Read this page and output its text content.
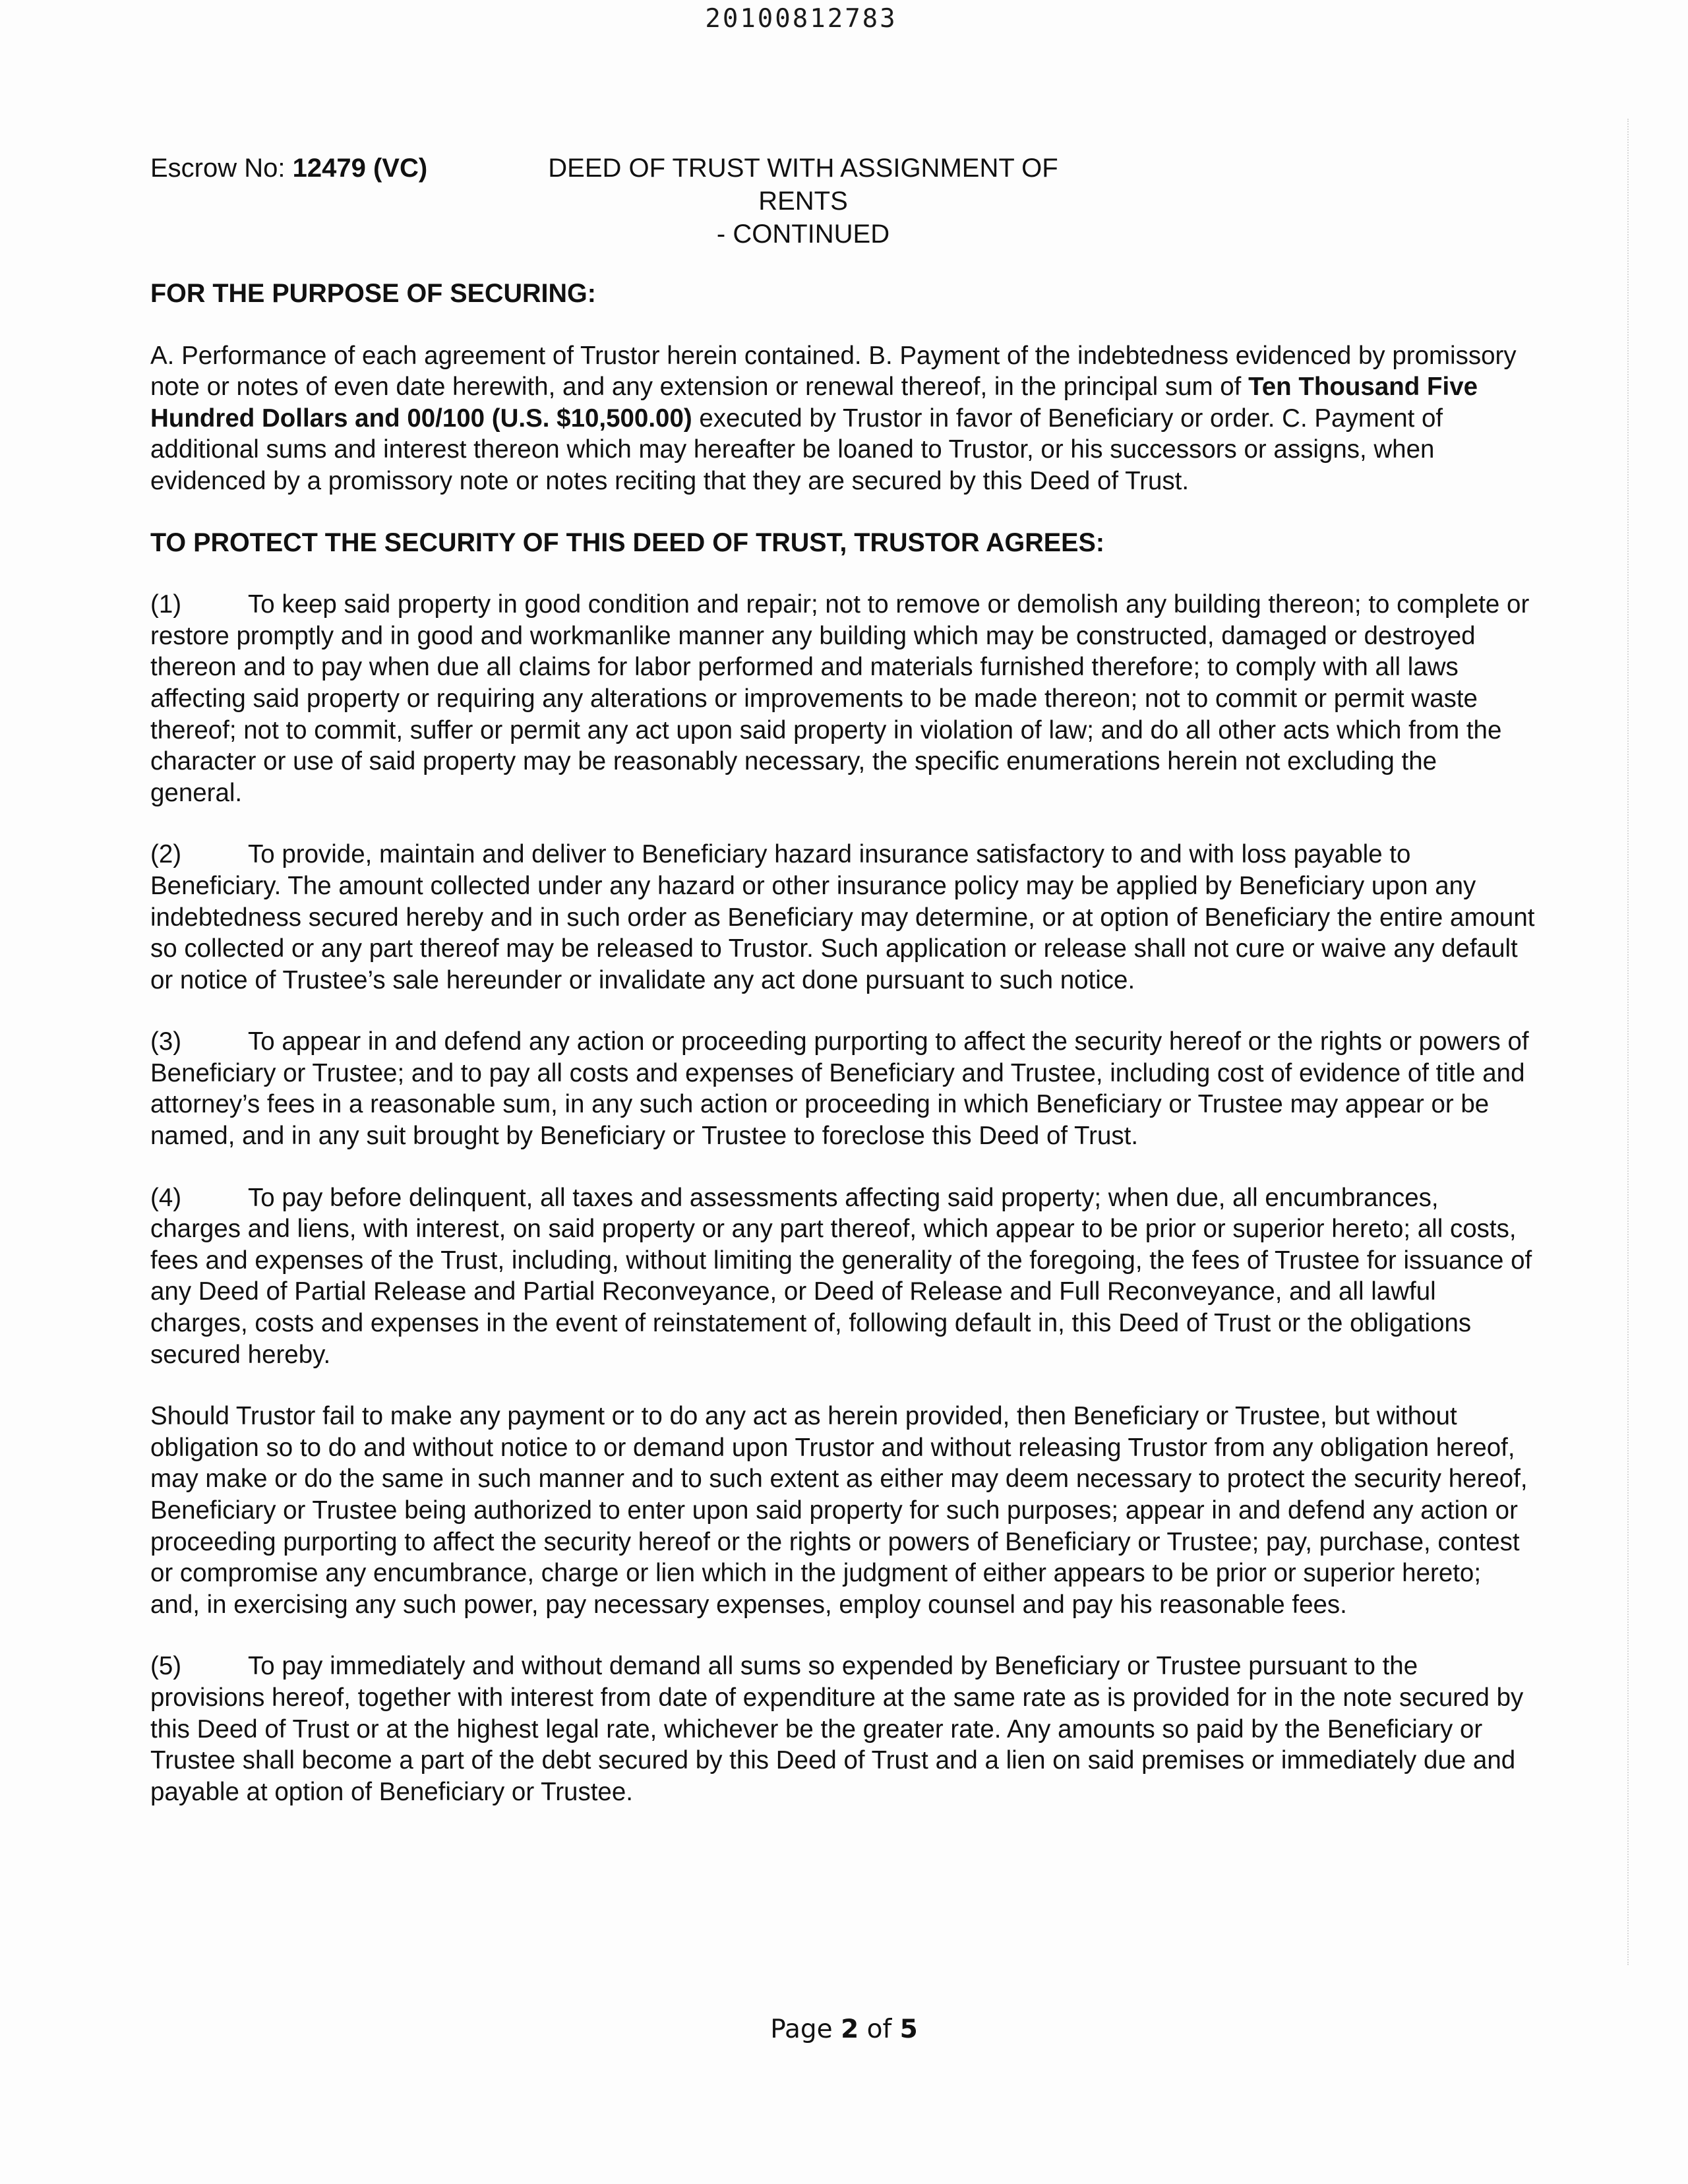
20100812783
Escrow No: 12479 (VC)	DEED OF TRUST WITH ASSIGNMENT OF RENTS
- CONTINUED

FOR THE PURPOSE OF SECURING:

A. Performance of each agreement of Trustor herein contained. B. Payment of the indebtedness evidenced by promissory note or notes of even date herewith, and any extension or renewal thereof, in the principal sum of Ten Thousand Five Hundred Dollars and 00/100 (U.S. $10,500.00) executed by Trustor in favor of Beneficiary or order. C. Payment of additional sums and interest thereon which may hereafter be loaned to Trustor, or his successors or assigns, when evidenced by a promissory note or notes reciting that they are secured by this Deed of Trust.

TO PROTECT THE SECURITY OF THIS DEED OF TRUST, TRUSTOR AGREES:

(1)	To keep said property in good condition and repair; not to remove or demolish any building thereon; to complete or restore promptly and in good and workmanlike manner any building which may be constructed, damaged or destroyed thereon and to pay when due all claims for labor performed and materials furnished therefore; to comply with all laws affecting said property or requiring any alterations or improvements to be made thereon; not to commit or permit waste thereof; not to commit, suffer or permit any act upon said property in violation of law; and do all other acts which from the character or use of said property may be reasonably necessary, the specific enumerations herein not excluding the general.

(2)	To provide, maintain and deliver to Beneficiary hazard insurance satisfactory to and with loss payable to Beneficiary. The amount collected under any hazard or other insurance policy may be applied by Beneficiary upon any indebtedness secured hereby and in such order as Beneficiary may determine, or at option of Beneficiary the entire amount so collected or any part thereof may be released to Trustor. Such application or release shall not cure or waive any default or notice of Trustee’s sale hereunder or invalidate any act done pursuant to such notice.

(3)	To appear in and defend any action or proceeding purporting to affect the security hereof or the rights or powers of Beneficiary or Trustee; and to pay all costs and expenses of Beneficiary and Trustee, including cost of evidence of title and attorney’s fees in a reasonable sum, in any such action or proceeding in which Beneficiary or Trustee may appear or be named, and in any suit brought by Beneficiary or Trustee to foreclose this Deed of Trust.

(4)	To pay before delinquent, all taxes and assessments affecting said property; when due, all encumbrances, charges and liens, with interest, on said property or any part thereof, which appear to be prior or superior hereto; all costs, fees and expenses of the Trust, including, without limiting the generality of the foregoing, the fees of Trustee for issuance of any Deed of Partial Release and Partial Reconveyance, or Deed of Release and Full Reconveyance, and all lawful charges, costs and expenses in the event of reinstatement of, following default in, this Deed of Trust or the obligations secured hereby.

Should Trustor fail to make any payment or to do any act as herein provided, then Beneficiary or Trustee, but without obligation so to do and without notice to or demand upon Trustor and without releasing Trustor from any obligation hereof, may make or do the same in such manner and to such extent as either may deem necessary to protect the security hereof, Beneficiary or Trustee being authorized to enter upon said property for such purposes; appear in and defend any action or proceeding purporting to affect the security hereof or the rights or powers of Beneficiary or Trustee; pay, purchase, contest or compromise any encumbrance, charge or lien which in the judgment of either appears to be prior or superior hereto; and, in exercising any such power, pay necessary expenses, employ counsel and pay his reasonable fees.

(5)	To pay immediately and without demand all sums so expended by Beneficiary or Trustee pursuant to the provisions hereof, together with interest from date of expenditure at the same rate as is provided for in the note secured by this Deed of Trust or at the highest legal rate, whichever be the greater rate. Any amounts so paid by the Beneficiary or Trustee shall become a part of the debt secured by this Deed of Trust and a lien on said premises or immediately due and payable at option of Beneficiary or Trustee.

Page 2 of 5
